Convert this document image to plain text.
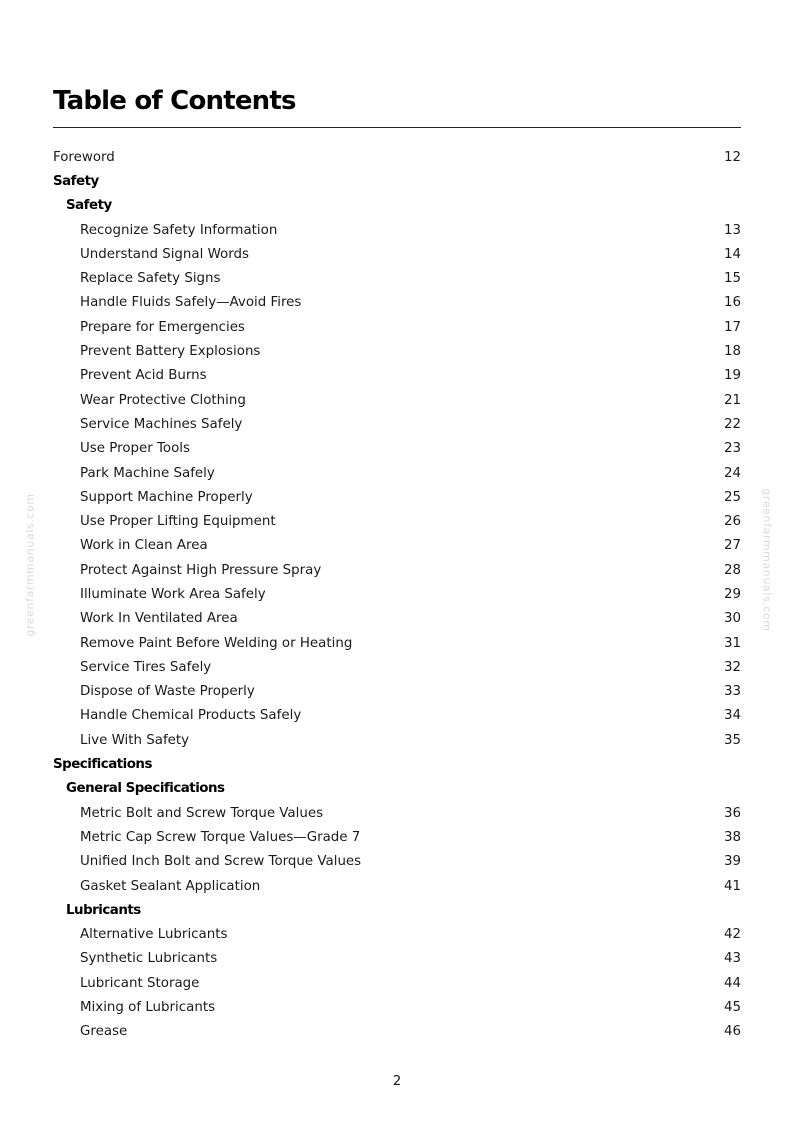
Table of Contents
Foreword	12
Safety
Safety
Recognize Safety Information	13
Understand Signal Words	14
Replace Safety Signs	15
Handle Fluids Safely—Avoid Fires	16
Prepare for Emergencies	17
Prevent Battery Explosions	18
Prevent Acid Burns	19
Wear Protective Clothing	21
Service Machines Safely	22
Use Proper Tools	23
Park Machine Safely	24
Support Machine Properly	25
Use Proper Lifting Equipment	26
Work in Clean Area	27
Protect Against High Pressure Spray	28
Illuminate Work Area Safely	29
Work In Ventilated Area	30
Remove Paint Before Welding or Heating	31
Service Tires Safely	32
Dispose of Waste Properly	33
Handle Chemical Products Safely	34
Live With Safety	35
Specifications
General Specifications
Metric Bolt and Screw Torque Values	36
Metric Cap Screw Torque Values—Grade 7	38
Unified Inch Bolt and Screw Torque Values	39
Gasket Sealant Application	41
Lubricants
Alternative Lubricants	42
Synthetic Lubricants	43
Lubricant Storage	44
Mixing of Lubricants	45
Grease	46
2
greenfarmmanuals.com	greenfarmmanuals.com
